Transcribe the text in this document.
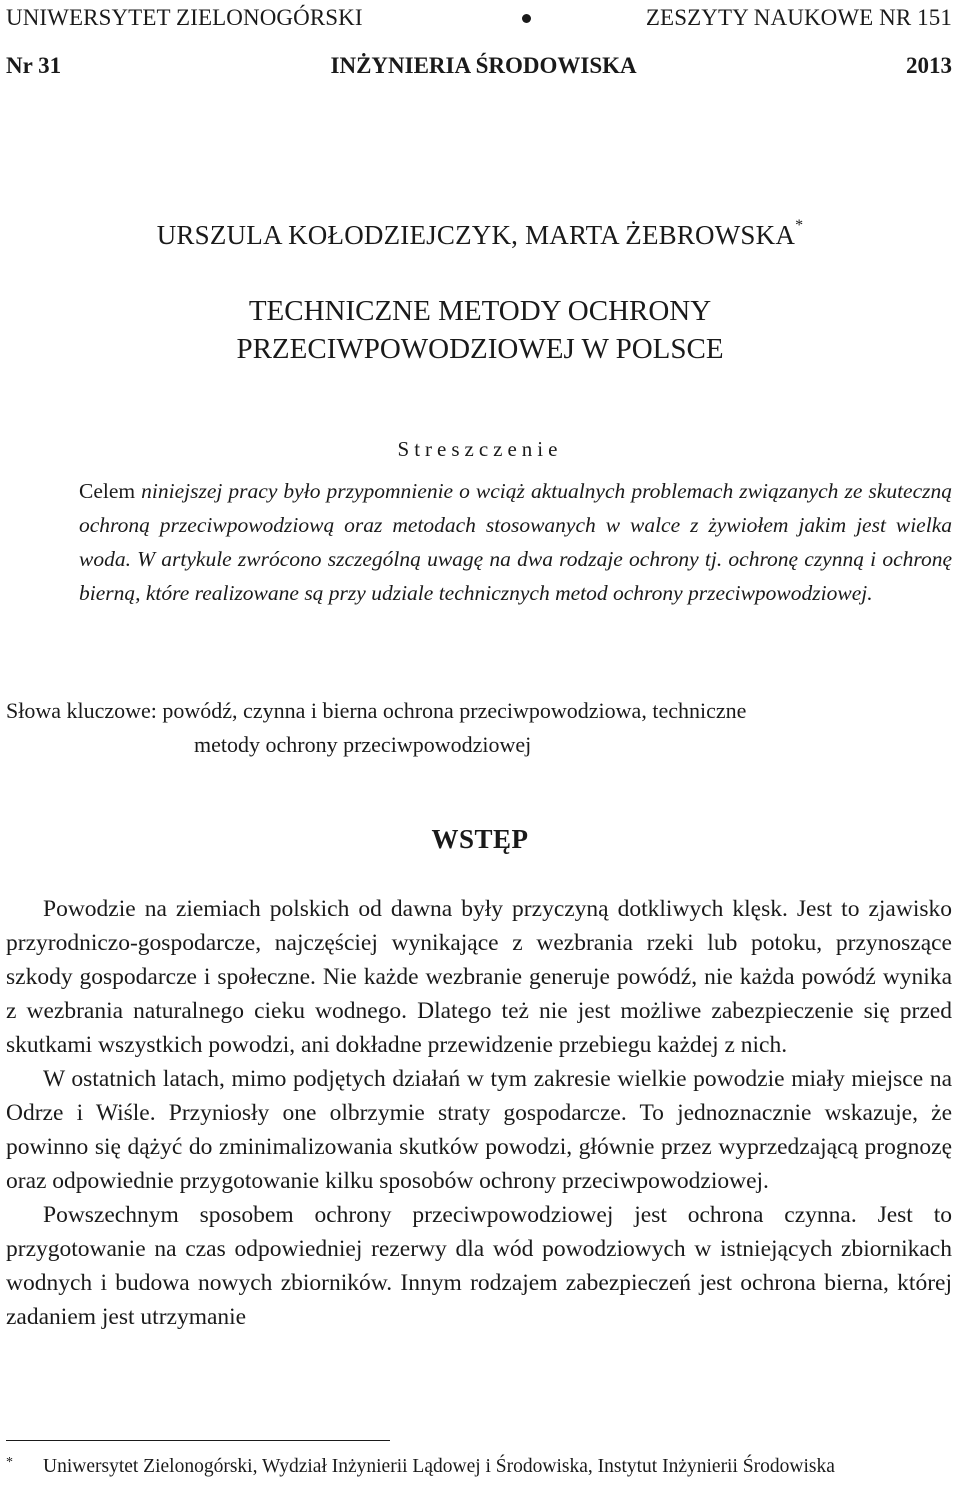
UNIWERSYTET ZIELONOGÓRSKI	ZESZYTY NAUKOWE NR 151
Nr 31	INŻYNIERIA ŚRODOWISKA	2013
URSZULA KOŁODZIEJCZYK, MARTA ŻEBROWSKA*
TECHNICZNE METODY OCHRONY
PRZECIWPOWODZIOWEJ W POLSCE
Streszczenie
Celem niniejszej pracy było przypomnienie o wciąż aktualnych problemach związanych ze skuteczną ochroną przeciwpowodziową oraz metodach stosowanych w walce z żywiołem jakim jest wielka woda. W artykule zwrócono szczególną uwagę na dwa rodzaje ochrony tj. ochronę czynną i ochronę bierną, które realizowane są przy udziale technicznych metod ochrony przeciwpowodziowej.
Słowa kluczowe: powódź, czynna i bierna ochrona przeciwpowodziowa, techniczne
metody ochrony przeciwpowodziowej
WSTĘP

Powodzie na ziemiach polskich od dawna były przyczyną dotkliwych klęsk. Jest to zjawisko przyrodniczo-gospodarcze, najczęściej wynikające z wezbrania rzeki lub potoku, przynoszące szkody gospodarcze i społeczne. Nie każde wezbranie generuje powódź, nie każda powódź wynika z wezbrania naturalnego cieku wodnego. Dlatego też nie jest możliwe zabezpieczenie się przed skutkami wszystkich powodzi, ani dokładne przewidzenie przebiegu każdej z nich.

W ostatnich latach, mimo podjętych działań w tym zakresie wielkie powodzie miały miejsce na Odrze i Wiśle. Przyniosły one olbrzymie straty gospodarcze. To jednoznacznie wskazuje, że powinno się dążyć do zminimalizowania skutków powodzi, głównie przez wyprzedzającą prognozę oraz odpowiednie przygotowanie kilku sposobów ochrony przeciwpowodziowej.

Powszechnym sposobem ochrony przeciwpowodziowej jest ochrona czynna. Jest to przygotowanie na czas odpowiedniej rezerwy dla wód powodziowych w istniejących zbiornikach wodnych i budowa nowych zbiorników. Innym rodzajem zabezpieczeń jest ochrona bierna, której zadaniem jest utrzymanie

*	Uniwersytet Zielonogórski, Wydział Inżynierii Lądowej i Środowiska, Instytut Inżynierii Środowiska
